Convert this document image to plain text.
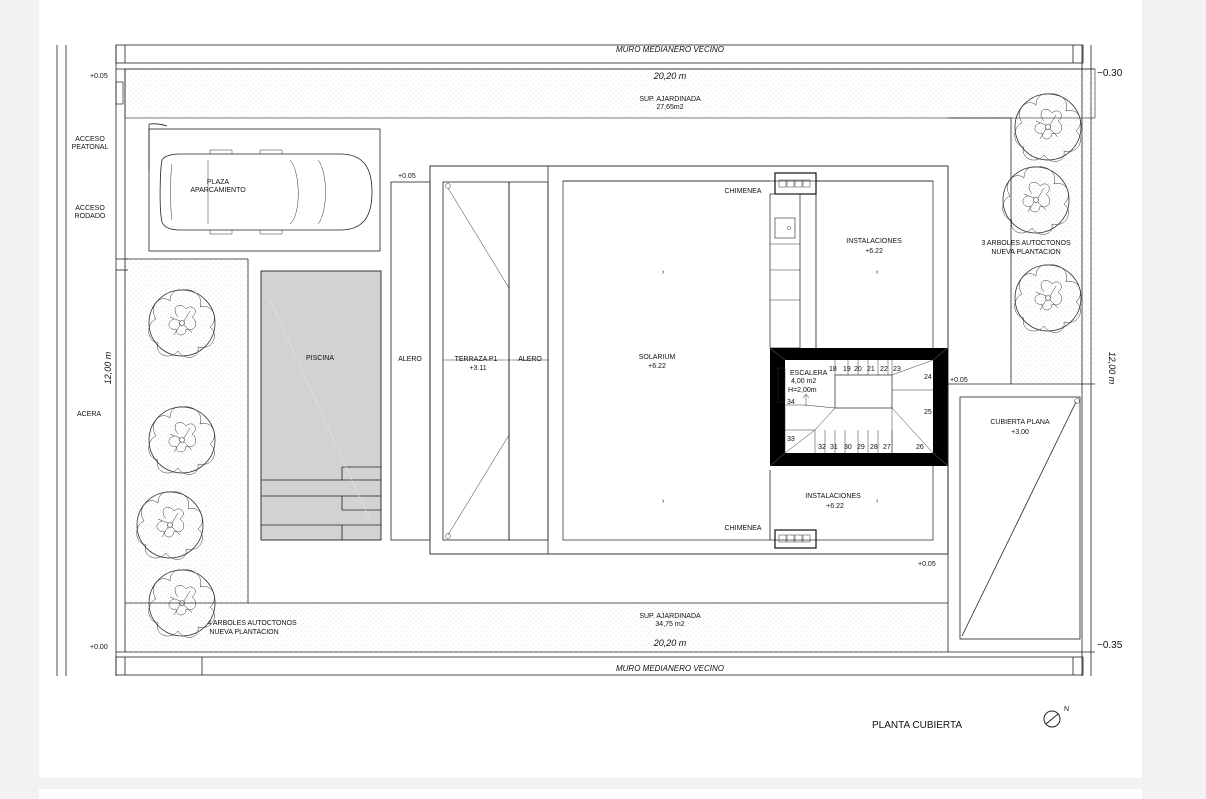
›
›
‹
‹
MURO MEDIANERO VECINO
MURO MEDIANERO VECINO
20,20 m
20,20 m
12,00 m	12,00 m
+0.05
+0.00
−0.30
−0.35
+0.05
+0.05
+0.05
SUP. AJARDINADA
27,65m2
SUP. AJARDINADA
34,75 m2
ACCESO
PEATONAL
ACCESO
RODADO
ACERA
PLAZA
APARCAMIENTO
PISCINA	ALERO	ALERO
TERRAZA P1
+3.11
SOLARIUM
+6.22
CHIMENEA
CHIMENEA
INSTALACIONES
+6.22
INSTALACIONES
+6.22
ESCALERA
4,00 m2
H=2,00m
18 19 20 21 22 23
24
25
26
32 31 30 29 28 27
34
33
CUBIERTA PLANA
+3.00
3 ARBOLES AUTOCTONOS
NUEVA PLANTACION
4 ARBOLES AUTOCTONOS
NUEVA PLANTACION
PLANTA CUBIERTA
N
